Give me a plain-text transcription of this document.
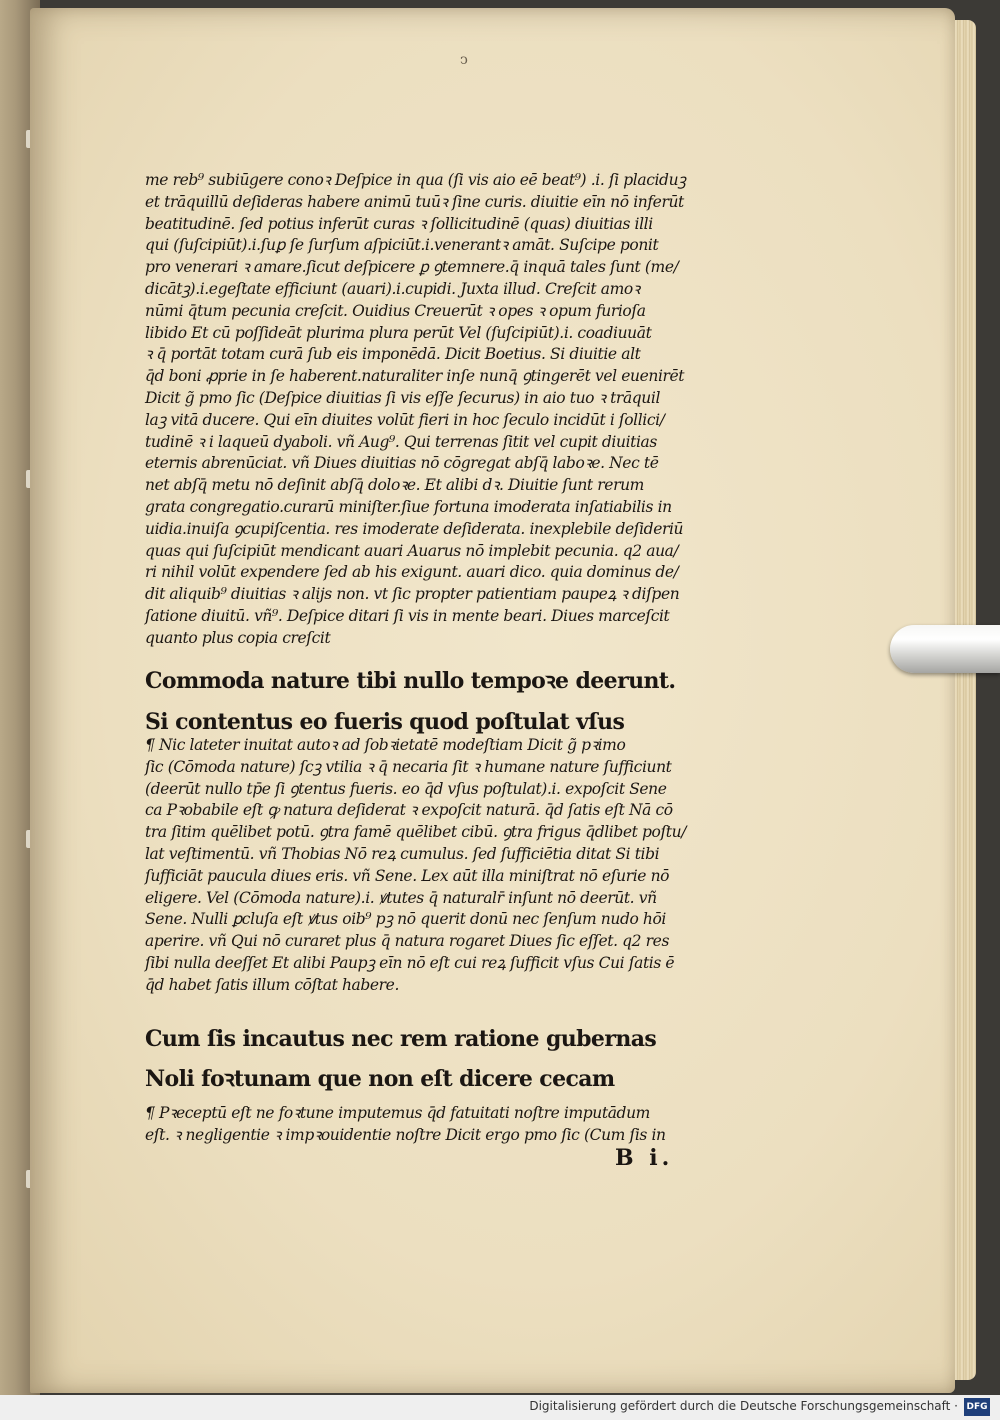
ↄ
me reb⁹ subiūgere conoꝛ Deſpice in qua (ſi vis aio eē beat⁹) .i. ſi placiduꝫ
et trāquillū deſideras habere animū tuūꝛ ſine curis. diuitie eīn nō inferūt
beatitudinē. ſed potius inferūt curas ꝛ ſollicitudinē (quas) diuitias illi
qui (ſuſcipiūt).i.ſuꝑ ſe ſurſum aſpiciūt.i.venerantꝛ amāt. Suſcipe ponit
pro venerari ꝛ amare.ſicut deſpicere ꝑ ꝯtemnere.q̄ inquā tales ſunt (me/
dicātꝫ).i.egeſtate efficiunt (auari).i.cupidi. Juxta illud. Creſcit amoꝛ
nūmi q̄tum pecunia creſcit. Ouidius Creuerūt ꝛ opes ꝛ opum furioſa
libido Et cū poſſideāt plurima plura perūt Vel (ſuſcipiūt).i. coadiuuāt
ꝛ q̄ portāt totam curā ſub eis imponēdā. Dicit Boetius. Si diuitie alt
q̄d boni ꝓprie in ſe haberent.naturaliter inſe nunq̄ ꝯtingerēt vel euenirēt
Dicit g̃ pmo ſic (Deſpice diuitias ſi vis eſſe ſecurus) in aio tuo ꝛ trāquil
laꝫ vitā ducere. Qui eīn diuites volūt fieri in hoc ſeculo incidūt i ſollici/
tudinē ꝛ i laqueū dyaboli. vñ Aug⁹. Qui terrenas ſitit vel cupit diuitias
eternis abrenūciat. vñ Diues diuitias nō cōgregat abſq̄ laboꝛe. Nec tē
net abſq̄ metu nō deſinit abſq̄ doloꝛe. Et alibi dꝛ. Diuitie ſunt rerum
grata congregatio.curarū miniſter.ſiue fortuna imoderata inſatiabilis in
uidia.inuiſa ꝯcupiſcentia. res imoderate deſiderata. inexplebile deſideriū
quas qui ſuſcipiūt mendicant auari Auarus nō implebit pecunia. q2 aua/
ri nihil volūt expendere ſed ab his exigunt. auari dico. quia dominus de/
dit aliquib⁹ diuitias ꝛ alijs non. vt ſic propter patientiam paupeꝝ ꝛ diſpen
ſatione diuitū. vñ⁹. Deſpice ditari ſi vis in mente beari. Diues marceſcit
quanto plus copia creſcit
Commoda nature tibi nullo tempoꝛe deerunt.
Si contentus eo fueris quod poſtulat vſus
¶ Nic lateter inuitat autoꝛ ad ſobꝛietatē modeſtiam Dicit g̃ pꝛimo
ſic (Cōmoda nature) ſcꝫ vtilia ꝛ q̄ necaria ſit ꝛ humane nature ſufficiunt
(deerūt nullo tp̄e ſi ꝯtentus fueris. eo q̄d vſus poſtulat).i. expoſcit Sene
ca Pꝛobabile eſt ꝙ natura deſiderat ꝛ expoſcit naturā. q̄d ſatis eſt Nā cō
tra ſitim quēlibet potū. ꝯtra famē quēlibet cibū. ꝯtra frigus q̄dlibet poſtu/
lat veſtimentū. vñ Thobias Nō reꝝ cumulus. ſed ſufficiētia ditat Si tibi
ſufficiāt paucula diues eris. vñ Sene. Lex aūt illa miniſtrat nō eſurie nō
eligere. Vel (Cōmoda nature).i. ꝟtutes q̄ naturalr̄ inſunt nō deerūt. vñ
Sene. Nulli ꝑcluſa eſt ꝟtus oib⁹ pꝫ nō querit donū nec ſenſum nudo hōi
aperire. vñ Qui nō curaret plus q̄ natura rogaret Diues ſic eſſet. q2 res
ſibi nulla deeſſet Et alibi Paupꝫ eīn nō eſt cui reꝝ ſufficit vſus Cui ſatis ē
q̄d habet ſatis illum cōſtat habere.
Cum ſis incautus nec rem ratione gubernas
Noli foꝛtunam que non eſt dicere cecam
¶ Pꝛeceptū eſt ne foꝛtune imputemus q̄d fatuitati noſtre imputādum
eſt. ꝛ negligentie ꝛ impꝛouidentie noſtre Dicit ergo pmo ſic (Cum ſis in
B i.
Digitalisierung gefördert durch die Deutsche Forschungsgemeinschaft · DFG
